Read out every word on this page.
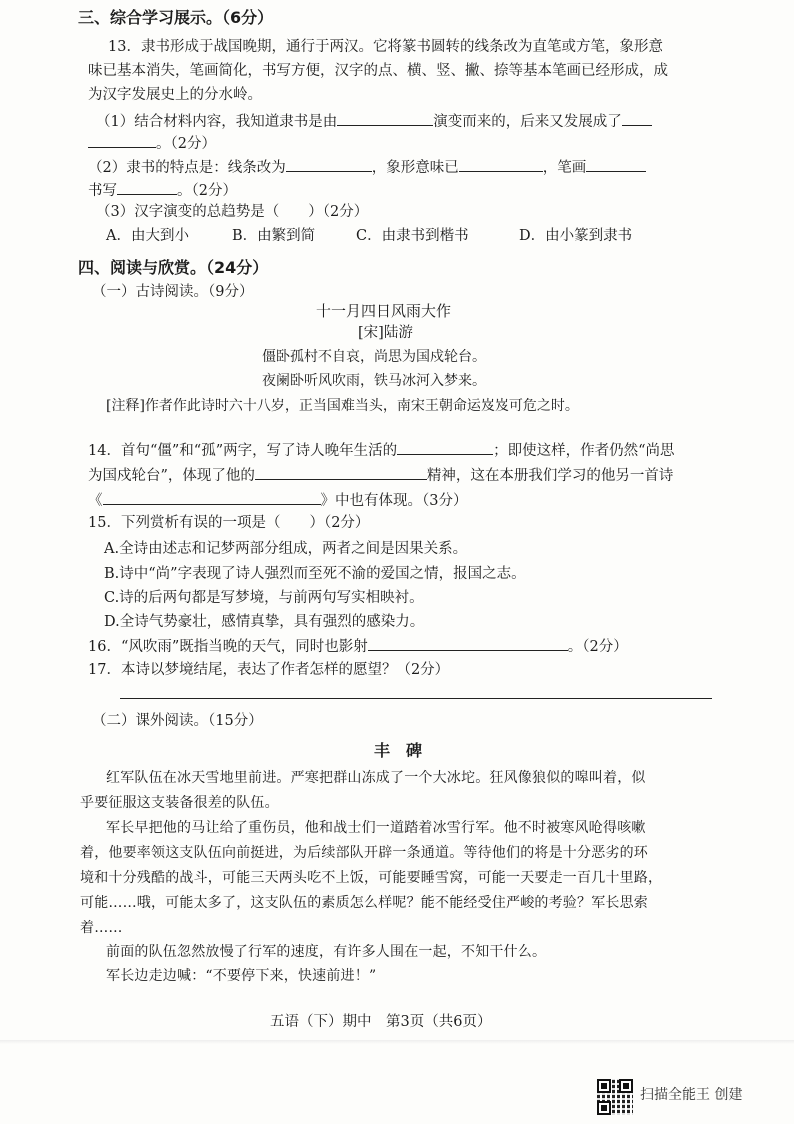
三、综合学习展示。（6分）
13．隶书形成于战国晚期，通行于两汉。它将篆书圆转的线条改为直笔或方笔，象形意
味已基本消失，笔画简化，书写方便，汉字的点、横、竖、撇、捺等基本笔画已经形成，成
为汉字发展史上的分水岭。
（1）结合材料内容，我知道隶书是由	演变而来的，后来又发展成了
。（2分）
（2）隶书的特点是：线条改为	，象形意味已	，笔画
书写	。（2分）
（3）汉字演变的总趋势是（　　）（2分）
A．由大到小	B．由繁到简	C．由隶书到楷书	D．由小篆到隶书
四、阅读与欣赏。（24分）
（一）古诗阅读。（9分）
十一月四日风雨大作
[宋]陆游
僵卧孤村不自哀，尚思为国戍轮台。
夜阑卧听风吹雨，铁马冰河入梦来。
[注释]作者作此诗时六十八岁，正当国难当头，南宋王朝命运岌岌可危之时。
14．首句“僵”和“孤”两字，写了诗人晚年生活的	；即使这样，作者仍然“尚思
为国戍轮台”，体现了他的	精神，这在本册我们学习的他另一首诗
《	》中也有体现。（3分）
15．下列赏析有误的一项是（　　）（2分）
A.全诗由述志和记梦两部分组成，两者之间是因果关系。
B.诗中“尚”字表现了诗人强烈而至死不渝的爱国之情，报国之志。
C.诗的后两句都是写梦境，与前两句写实相映衬。
D.全诗气势豪壮，感情真挚，具有强烈的感染力。
16．“风吹雨”既指当晚的天气，同时也影射	。（2分）
17．本诗以梦境结尾，表达了作者怎样的愿望？（2分）
（二）课外阅读。（15分）
丰　碑
红军队伍在冰天雪地里前进。严寒把群山冻成了一个大冰坨。狂风像狼似的嗥叫着，似
乎要征服这支装备很差的队伍。
军长早把他的马让给了重伤员，他和战士们一道踏着冰雪行军。他不时被寒风呛得咳嗽
着，他要率领这支队伍向前挺进，为后续部队开辟一条通道。等待他们的将是十分恶劣的环
境和十分残酷的战斗，可能三天两头吃不上饭，可能要睡雪窝，可能一天要走一百几十里路，
可能……哦，可能太多了，这支队伍的素质怎么样呢？能不能经受住严峻的考验？军长思索
着……
前面的队伍忽然放慢了行军的速度，有许多人围在一起，不知干什么。
军长边走边喊：“不要停下来，快速前进！”
五语（下）期中　第3页（共6页）
扫描全能王 创建
